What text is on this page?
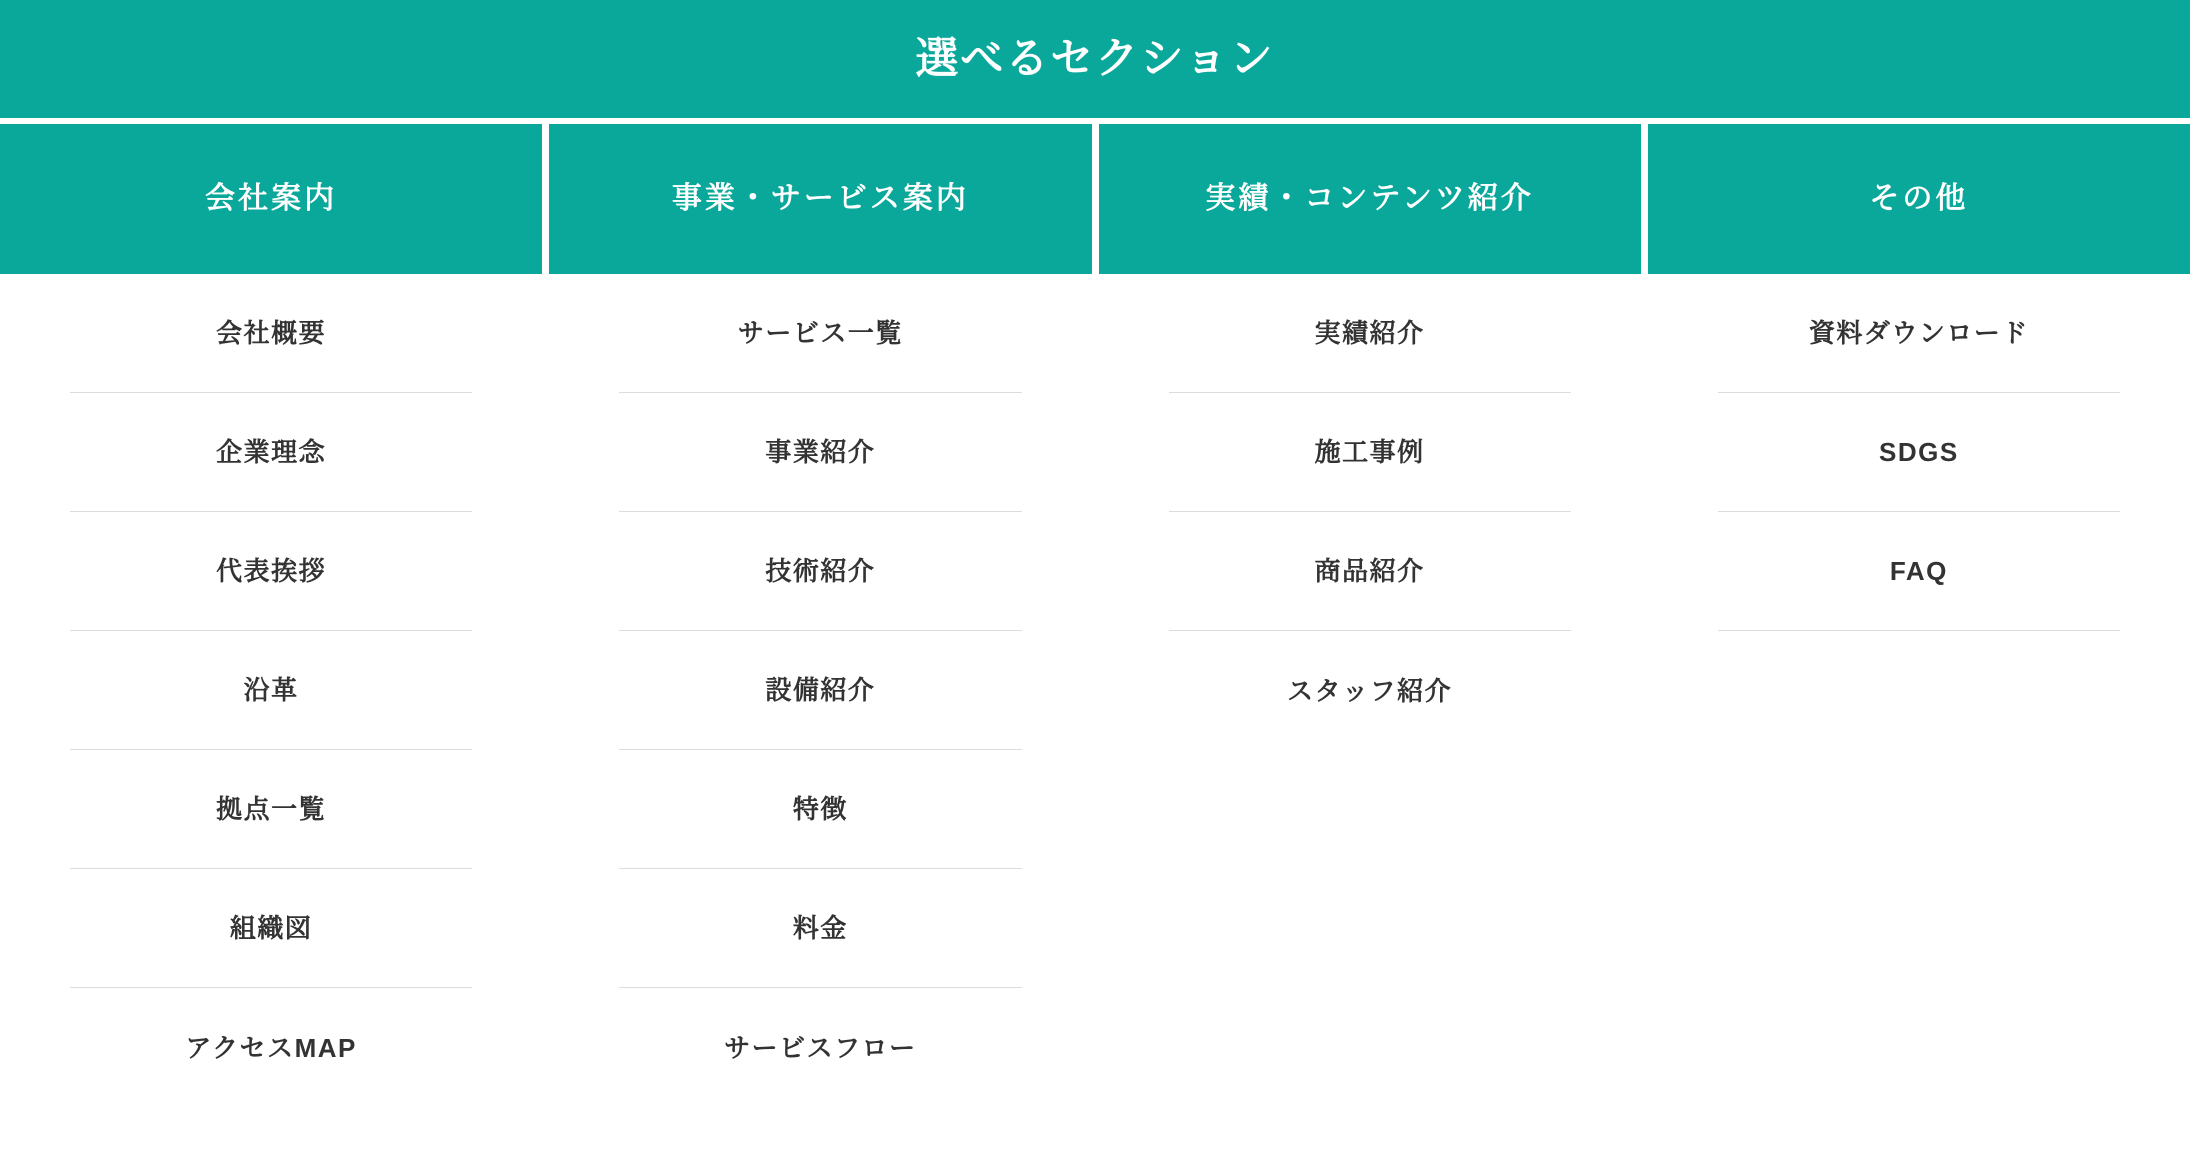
選べるセクション
会社案内
会社概要
企業理念
代表挨拶
沿革
拠点一覧
組織図
アクセスMAP
事業・サービス案内
サービス一覧
事業紹介
技術紹介
設備紹介
特徴
料金
サービスフロー
実績・コンテンツ紹介
実績紹介
施工事例
商品紹介
スタッフ紹介
その他
資料ダウンロード
SDGS
FAQ
